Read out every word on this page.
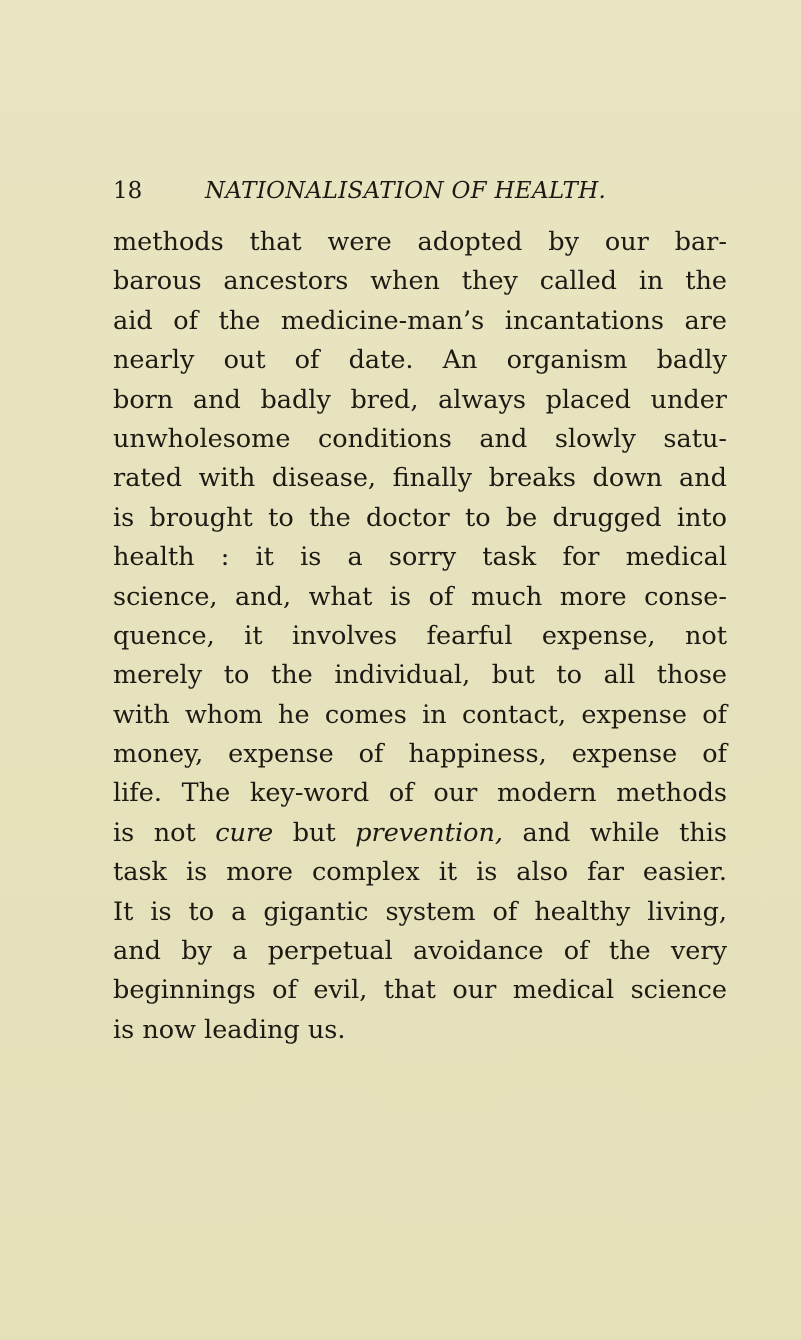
18	NATIONALISATION OF HEALTH.
methods that were adopted by our bar-
barous ancestors when they called in the
aid of the medicine-man’s incantations are
nearly out of date. An organism badly
born and badly bred, always placed under
unwholesome conditions and slowly satu-
rated with disease, finally breaks down and
is brought to the doctor to be drugged into
health : it is a sorry task for medical
science, and, what is of much more conse-
quence, it involves fearful expense, not
merely to the individual, but to all those
with whom he comes in contact, expense of
money, expense of happiness, expense of
life. The key-word of our modern methods
is not cure but prevention, and while this
task is more complex it is also far easier.
It is to a gigantic system of healthy living,
and by a perpetual avoidance of the very
beginnings of evil, that our medical science
is now leading us.
